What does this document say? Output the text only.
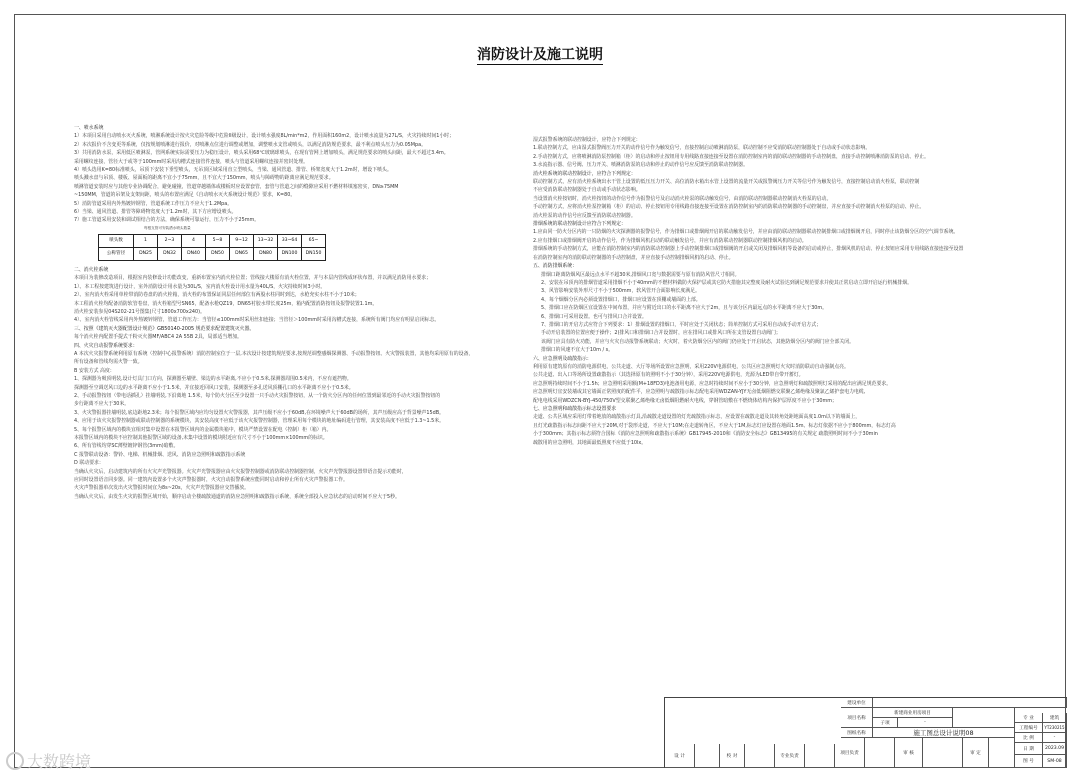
消防设计及施工说明

一、喷水系统

1）本项目采用自动喷水灭火系统，喷淋系统设计按火灾危险等级中危险II级设计，设计喷水强度8L/min*m2，作用面积160m2，设计喷水流量为27L/S，火灾持续时间1小时；

2）本次报价不含变更等系统，仅按规划喷淋进行报价，对喷淋点位进行调整或增加，调整喷水支管或喷头，以满足消防规范要求，最不利点喷头压力为0.05Mpa。

3）共用消防水泵，采用低区喷淋泵，管网系统实际需要压力为稳压设计，喷头采用68℃玻璃球喷头，在现有管网上增加喷头，满足规范要求的喷头间距，最大不超过3.4m。

采用螺纹连接，管径大于或等于100mm时采用沟槽式连接管件连接，喷头与管道采用螺纹连接并密封处理。

4）喷头选用K=80标准喷头，吊顶下安装下垂型喷头，无吊顶区域采用直立型喷头，当梁、通风管道、排管、桥架宽度大于1.2m时，增设下喷头。

喷头溅水盘与吊顶、楼板、屋面板的距离不宜小于75mm，且不宜大于150mm，喷头与障碍物的距离应满足规范要求。

喷淋管道安装时应与其他专业协调配合，避免碰撞，管道穿越墙体或楼板时应设置套管，套管与管道之间的缝隙应采用不燃材料填塞密实，DN≥75MM

~150MM，管道的吊架及支架间距，喷头的布置应满足《自动喷水灭火系统设计规范》要求，K=80。

5）消防管道采用内外热镀锌钢管，管道系统工作压力不应大于1.2Mpa。

6）当梁、通风管道、排管等障碍物宽度大于1.2m时，其下方应增设喷头。

7）施工管道采用安装和调试相结合的方法，确保系统可靠运行，压力不小于25mm。

每根支管可安装洒水喷头数量
喷头数	1	2~3	4	5~8	9~12	13~32	33~64	65~
公称管径	DN25	DN32	DN40	DN50	DN65	DN80	DN100	DN150

二、消火栓系统

本项目为装修改造项目，根据室内装修设计功能改变，重新布置室内消火栓位置；管线接大楼原有消火栓位置，并与本层内管线成环状布置，并以满足消防用水要求；

1）、本工程按建筑进行设计，室外消防设计用水量为30L/S，室内消火栓设计用水量为40L/S，火灾持续时间3小时。

2）、室内消火栓采用单栓带消防卷盘的消火栓箱，消火栓的布置保证同层任何部位有两股水柱同时到达，水枪充实水柱不小于10米；

本工程消火栓均配备消防软管卷盘，消火栓箱型号SN65，配备水枪QZ19，DN65衬胶水带长度25m，箱内配置消防按钮及报警装置1.1m。

消火栓安装参见04S202-21号图集(尺寸1800x700x240)。

4）、室内消火栓管线采用内外热镀锌钢管，管道工作压力：当管径≤100mm时采用丝扣连接；当管径＞100mm时采用沟槽式连接，系统所有阀门均应有明显启闭标志。

三、按照《建筑灭火器配置设计规范》GB50140-2005 规范要求配置建筑灭火器。

每个消火栓内配置手提式干粉灭火器MF/ABC4 2A 55B 2具，局部适当增加。

四、火灾自动报警系统要求：

A 本次火灾报警系统利用原有系统（控制中心报警系统）消防控制室位于一层,本次设计按建筑规范要求,按规范调整感烟探测器、手动报警按钮、火灾警报装置，其他均采用原有的设备，

所有设备和管线均需火警一致。

B 安装方式 高度：

1、探测器为吸顶明装,设计灯具门口方向，探测器至墙壁、梁边的水平距离,不应小于0.5米,探测器周围0.5米内，不应有遮挡物。

探测器至空调送风口边的水平距离不应小于1.5米，并宜接近回风口安装，探测器至多孔送风顶棚孔口的水平距离不应小于0.5米。

2、手动报警按钮（带电话插孔）挂墙明装,下沿离地 1.5米，每个防火分区至少设置一只手动火灾报警按钮，从一个防火分区内的任何位置到最邻近的手动火灾报警按钮的

步行距离不应大于30米。

3、火灾警报器挂墙明装,底边距地2.3米；每个报警区域内应均匀设置火灾警报器，其声压级不应小于60dB,在环境噪声大于60dB的场所，其声压级应高于背景噪声15dB。

4、应用于该火灾报警控制器或联动控制器的系统模块，其安装高度不应低于该火灾报警控制器，管理采用每个模块的地址编码进行管理，其安装高度不应低于1.3~1.5米。

5、每个报警区域内的模块宜相对集中设置在本报警区域内的金属模块箱中，模块严禁设置在配电（控制）柜（箱）内。

本报警区域内的模块不应控制其他报警区域的设备,未集中设置的模块附近应有尺寸不小于100mm×100mm的标识。

6、所有管线均穿SC薄壁镀锌钢管(3mm)暗敷。

C 报警联动设备：警铃、电梯、机械排烟、送风、消防应急照明和疏散指示系统

D 联动要求：

当确认火灾后，启动建筑内的所有火灾声光警报器。火灾声光警报器应由火灾报警控制器或消防联动控制器控制，火灾声光警报器设置带语音提示功能时，

应同时设置语音同步器。同一建筑内设置多个火灾声警报器时，火灾自动报警系统应能同时启动和停止所有火灾声警报器工作。

火灾声警报器单次发出火灾警报时间宜为8s~20s，火灾声光警报器应交替播放。

当确认火灾后，由发生火灾的报警区域开始，顺序启动全楼疏散通道的消防应急照明和疏散指示系统，系统全部投入应急状态的启动时间不应大于5秒。

湿式报警系统的联动控制设计，应符合下列规定：

1.联动控制方式，应由湿式报警阀压力开关的动作信号作为触发信号，直接控制启动喷淋消防泵，联动控制不应受消防联动控制器处于自动或手动状态影响。

2.手动控制方式，应将喷淋消防泵控制箱（柜）的启动和停止按钮用专用线路直接连接至设置在消防控制室内的消防联动控制器的手动控制盘，直接手动控制喷淋消防泵的启动、停止。

3.水流指示器、信号阀、压力开关、喷淋消防泵的启动和停止的动作信号应反馈至消防联动控制器。

消火栓系统的联动控制设计，应符合下列规定：

联动控制方式，应有消火栓系统出水干管上设置的低压压力开关、高位消防水箱出水管上设置的流量开关或报警阀压力开关等信号作为触发信号，直接控制启动消火栓泵，联动控制

不应受消防联动控制器处于自动或手动状态影响。

当设置消火栓按钮时，消火栓按钮的动作信号作为报警信号及启动消火栓泵的联动触发信号，由消防联动控制器联动控制消火栓泵的启动。

手动控制方式，应将消火栓泵控制箱（柜）的启动、停止按钮用专用线路直接连接至设置在消防控制室内的消防联动控制器的手动控制盘，并应直接手动控制消火栓泵的启动、停止。

消火栓泵的动作信号应反馈至消防联动控制器。

排烟系统的联动控制设计应符合下列规定：

1.应由同一防火分区内的一只防烟的火灾探测器的报警信号，作为排烟口或排烟阀开启的联动触发信号，并应由消防联动控制器联动控制排烟口或排烟阀开启，同时停止该防烟分区的空气调节系统。

2.应有排烟口或排烟阀开启的动作信号，作为排烟风机启动的联动触发信号，并应有消防联动控制器联动控制排烟风机的启动。

排烟系统的手动控制方式，应能在消防控制室内的消防联动控制器上手动控制排烟口或排烟阀的开启或关闭及排烟风机等设备的启动或停止，排烟风机的启动、停止按钮应采用专用线路直接连接至设置

在消防控制室内的消防联动控制器的手动控制盘，并应直接手动控制排烟风机的启动、停止。

五、消防排烟系统：

排烟口距离防烟风区最远点水平不超30米,排烟风口宽与数据需要与原有消防风管尺寸相同。

2、安装在吊顶内的排烟管道采用排烟不小于40mm的不燃材料做防火保护层或其它防火措施其完整度及耐火试验达到满足规范要求并使其正常启动立即开启运行机械排烟。

3、风管影响安装外形尺寸不小于500mm，软风管开合面影响长度满足。

4、每个烟烟分区内必须设置排烟口，排烟口应设置在顶棚或墙面的上部。

5、排烟口应在防烟区宜设置在中间布置，并应与附近出口的水平距离不应大于2m，且与该分区内最远点的水平距离不应大于30m。

6、排烟口可采用设置。也可与排风口合并设置。

7、排烟口的开启方式应符合下列要求：1）排烟设置的排烟口，平时应处于关闭状态；简单控制方式可采用自动或手动开启方式；

手动开启装置的位置应便于操作；2)排风口和排烟口合并设置时，应在排风口或排风口所在支管设置自动阀门；

该阀门应具有防火功能，并应与火灾自动报警系统联动；火灾时，着火防烟分区内的阀门仍应处于开启状态，其他防烟分区内的阀门应全部关闭。

排烟口的风速不宜大于10m / s。

六、应急照明及疏散指示：

利用原有建筑原有的消防电源供电，公共走道、大厅等场所设置应急照明，采用220V电源供电，公共区应急照明灯火灾时消防联动自动强制点亮。

公共走道、出入口等场所设置疏散指示（其选择原有的照明不小于30分钟），采用220V电源供电，光源为LED带自带开蓄灯。

应急照明持续时间不小于1.5h；应急照明采用额(M+18FD3)电池备用电源，应急时持续时间不应小于30分钟，应急照明灯和疏散照明灯采用的配出应满足规范要求。

应急照明灯宜安装墙或其它墙面正常照度的配件平，应急照明与疏散指示标志配电采用WDZAN-YJY无卤低烟阻燃交联聚乙烯绝缘及聚氯乙烯护套电力电缆,

配电电线采用WDZCN-BYJ-450/750V型交联聚乙烯绝缘无卤低烟阻燃耐火电线，穿钢管暗敷在不燃烧体结构内保护层厚度不应小于30mm；

七、应急照明和疏散指示标志设置要求

走道、公共区域应采用灯带着地放的疏散指示灯具,沿疏散走道设置的灯光疏散指示标志，应设置在疏散走道及其转角处距地面高度1.0m以下的墙面上，

且灯光疏散指示标志间距不应大于20M,对于袋形走道，不应大于10M;在走道转角区，不应大于1M,标志灯应设置在地面1.5m、标志灯依据不应小于800mm，标志灯高

小于300mm；其指示标志须符合国标《消防应急照明和疏散指示系统》GB17945-2010和《消防安全标志》GB13495的有关规定 疏散照明时间不小于30min

疏散用的应急照明，其地面最低照度不应低于10lx。

建设单位
项目名称
新建商业用房项目
子项	-
图纸名称	施工图总设计说明08
专 业	建筑
工程编号	YT230215
比 例	-
日 期	2023.09
图 号	SM-08
设 计	校 对	专业负责
项目负责	审 核	审 定
大数跨境
